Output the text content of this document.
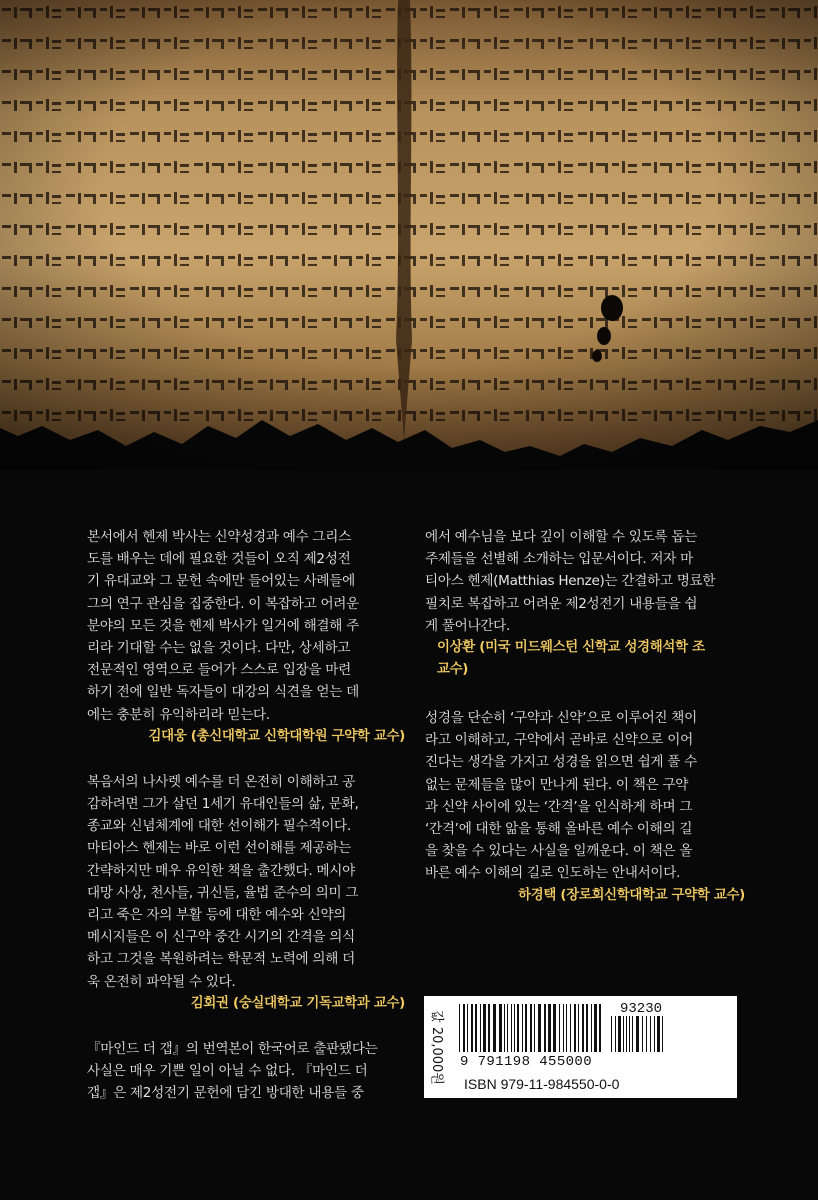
본서에서 헨제 박사는 신약성경과 예수 그리스
도를 배우는 데에 필요한 것들이 오직 제2성전
기 유대교와 그 문헌 속에만 들어있는 사례들에
그의 연구 관심을 집중한다. 이 복잡하고 어려운
분야의 모든 것을 헨제 박사가 일거에 해결해 주
리라 기대할 수는 없을 것이다. 다만, 상세하고
전문적인 영역으로 들어가 스스로 입장을 마련
하기 전에 일반 독자들이 대강의 식견을 얻는 데
에는 충분히 유익하리라 믿는다.

김대웅 (총신대학교 신학대학원 구약학 교수)

복음서의 나사렛 예수를 더 온전히 이해하고 공
감하려면 그가 살던 1세기 유대인들의 삶, 문화,
종교와 신념체계에 대한 선이해가 필수적이다.
마티아스 헨제는 바로 이런 선이해를 제공하는
간략하지만 매우 유익한 책을 출간했다. 메시야
대망 사상, 천사들, 귀신들, 율법 준수의 의미 그
리고 죽은 자의 부활 등에 대한 예수와 신약의
메시지들은 이 신구약 중간 시기의 간격을 의식
하고 그것을 복원하려는 학문적 노력에 의해 더
욱 온전히 파악될 수 있다.

김회권 (숭실대학교 기독교학과 교수)

『마인드 더 갭』의 번역본이 한국어로 출판됐다는
사실은 매우 기쁜 일이 아닐 수 없다. 『마인드 더
갭』은 제2성전기 문헌에 담긴 방대한 내용들 중

에서 예수님을 보다 깊이 이해할 수 있도록 돕는
주제들을 선별해 소개하는 입문서이다. 저자 마
티아스 헨제(Matthias Henze)는 간결하고 명료한
필치로 복잡하고 어려운 제2성전기 내용들을 쉽
게 풀어나간다.

이상환 (미국 미드웨스턴 신학교 성경해석학 조
교수)

성경을 단순히 ‘구약과 신약’으로 이루어진 책이
라고 이해하고, 구약에서 곧바로 신약으로 이어
진다는 생각을 가지고 성경을 읽으면 쉽게 풀 수
없는 문제들을 많이 만나게 된다. 이 책은 구약
과 신약 사이에 있는 ‘간격’을 인식하게 하며 그
‘간격’에 대한 앎을 통해 올바른 예수 이해의 길
을 찾을 수 있다는 사실을 일깨운다. 이 책은 올
바른 예수 이해의 길로 인도하는 안내서이다.

하경택 (장로회신학대학교 구약학 교수)

값 20,000원
93230
9 791198 455000
ISBN 979-11-984550-0-0
